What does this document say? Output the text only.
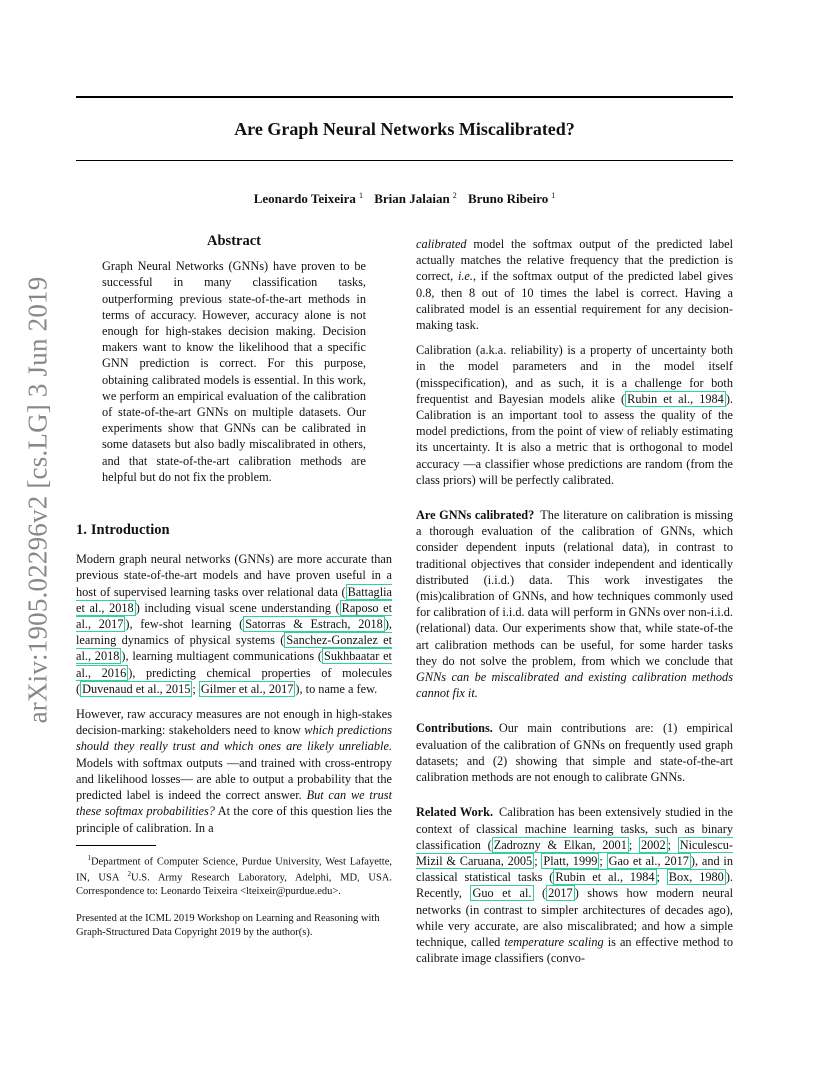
Are Graph Neural Networks Miscalibrated?
Leonardo Teixeira $^1$ Brian Jalaian $^2$ Bruno Ribeiro $^1$
arXiv:1905.02296v2 [cs.LG] 3 Jun 2019
Abstract
Graph Neural Networks (GNNs) have proven to be successful in many classification tasks, outperforming previous state-of-the-art methods in terms of accuracy. However, accuracy alone is not enough for high-stakes decision making. Decision makers want to know the likelihood that a specific GNN prediction is correct. For this purpose, obtaining calibrated models is essential. In this work, we perform an empirical evaluation of the calibration of state-of-the-art GNNs on multiple datasets. Our experiments show that GNNs can be calibrated in some datasets but also badly miscalibrated in others, and that state-of-the-art calibration methods are helpful but do not fix the problem.
1. Introduction

Modern graph neural networks (GNNs) are more accurate than previous state-of-the-art models and have proven useful in a host of supervised learning tasks over relational data ( Battaglia et al., 2018 ) including visual scene understanding ( Raposo et al., 2017 ), few-shot learning ( Satorras & Estrach, 2018 ), learning dynamics of physical systems ( Sanchez-Gonzalez et al., 2018 ), learning multiagent communications ( Sukhbaatar et al., 2016 ), predicting chemical properties of molecules ( Duvenaud et al., 2015 ; Gilmer et al., 2017 ), to name a few.

However, raw accuracy measures are not enough in high-stakes decision-marking: stakeholders need to know which predictions should they really trust and which ones are likely unreliable. Models with softmax outputs —and trained with cross-entropy and likelihood losses— are able to output a probability that the predicted label is indeed the correct answer. But can we trust these softmax probabilities? At the core of this question lies the principle of calibration. In a

$^1$Department of Computer Science, Purdue University, West Lafayette, IN, USA $^2$U.S. Army Research Laboratory, Adelphi, MD, USA. Correspondence to: Leonardo Teixeira <lteixeir@purdue.edu>.
Presented at the ICML 2019 Workshop on Learning and Reasoning with Graph-Structured Data Copyright 2019 by the author(s).

calibrated model the softmax output of the predicted label actually matches the relative frequency that the prediction is correct, i.e., if the softmax output of the predicted label gives 0.8, then 8 out of 10 times the label is correct. Having a calibrated model is an essential requirement for any decision-making task.

Calibration (a.k.a. reliability) is a property of uncertainty both in the model parameters and in the model itself (misspecification), and as such, it is a challenge for both frequentist and Bayesian models alike ( Rubin et al., 1984 ). Calibration is an important tool to assess the quality of the model predictions, from the point of view of reliably estimating its uncertainty. It is also a metric that is orthogonal to model accuracy —a classifier whose predictions are random (from the class priors) will be perfectly calibrated.

Are GNNs calibrated? The literature on calibration is missing a thorough evaluation of the calibration of GNNs, which consider dependent inputs (relational data), in contrast to traditional objectives that consider independent and identically distributed (i.i.d.) data. This work investigates the (mis)calibration of GNNs, and how techniques commonly used for calibration of i.i.d. data will perform in GNNs over non-i.i.d. (relational) data. Our experiments show that, while state-of-the art calibration methods can be useful, for some harder tasks they do not solve the problem, from which we conclude that GNNs can be miscalibrated and existing calibration methods cannot fix it.

Contributions. Our main contributions are: (1) empirical evaluation of the calibration of GNNs on frequently used graph datasets; and (2) showing that simple and state-of-the-art calibration methods are not enough to calibrate GNNs.

Related Work. Calibration has been extensively studied in the context of classical machine learning tasks, such as binary classification ( Zadrozny & Elkan, 2001 ; 2002 ; Niculescu-Mizil & Caruana, 2005 ; Platt, 1999 ; Gao et al., 2017 ), and in classical statistical tasks ( Rubin et al., 1984 ; Box, 1980 ). Recently, Guo et al. ( 2017 ) shows how modern neural networks (in contrast to simpler architectures of decades ago), while very accurate, are also miscalibrated; and how a simple technique, called temperature scaling is an effective method to calibrate image classifiers (convo-
